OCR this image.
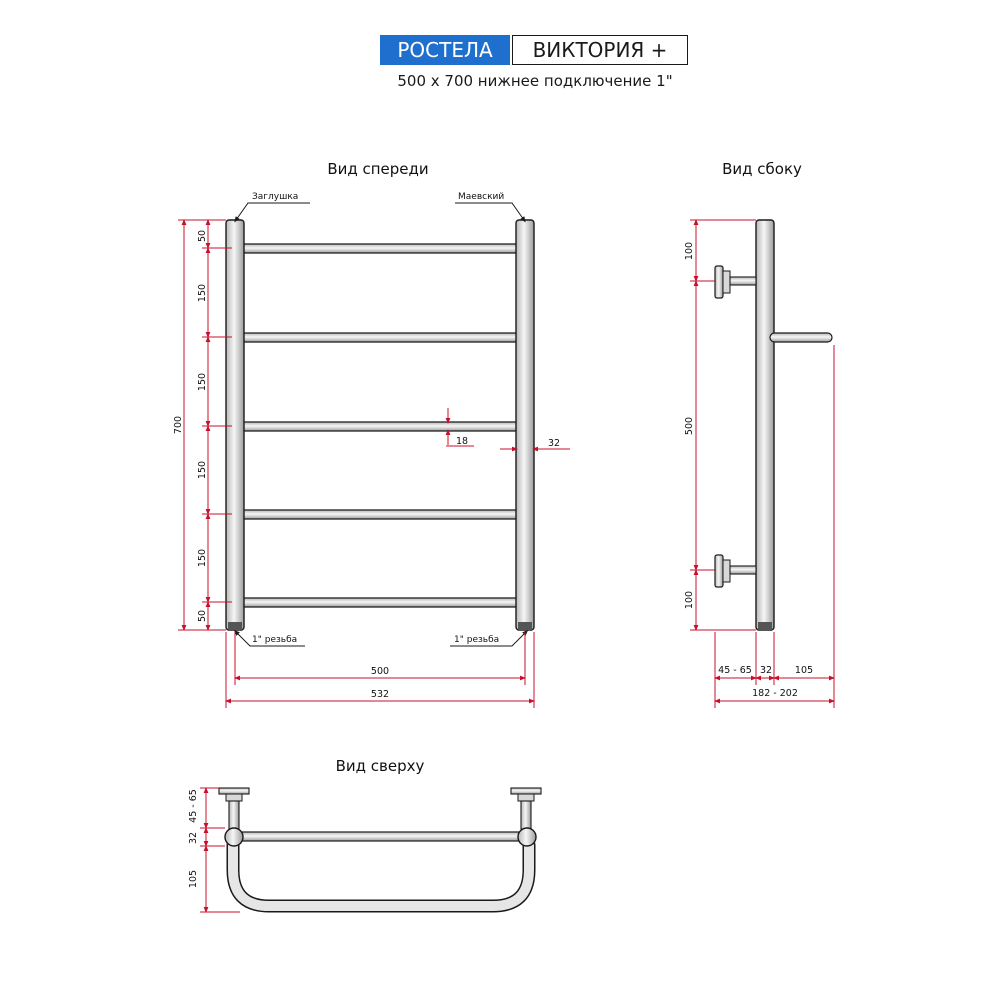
РОСТЕЛА	ВИКТОРИЯ +
500 x 700 нижнее подключение 1"
Вид спереди
Заглушка	Маевский
1" резьба	1" резьба
700
50
150
150
150
150
50
18	32
500
532
Вид сбоку
100
500
100
45 - 65 32 105
182 - 202
Вид сверху
45 - 65
32
105
